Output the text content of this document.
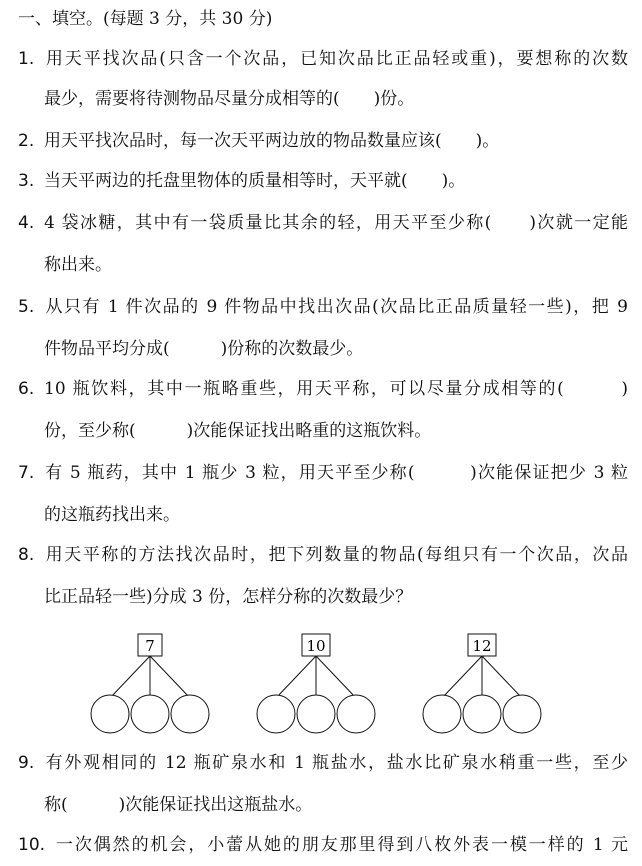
一、填空。(每题 3 分，共 30 分)
1. 用天平找次品(只含一个次品，已知次品比正品轻或重)，要想称的次数
最少，需要将待测物品尽量分成相等的(　　)份。
2. 用天平找次品时，每一次天平两边放的物品数量应该(　　)。
3. 当天平两边的托盘里物体的质量相等时，天平就(　　)。
4. 4 袋冰糖，其中有一袋质量比其余的轻，用天平至少称(　　)次就一定能
称出来。
5. 从只有 1 件次品的 9 件物品中找出次品(次品比正品质量轻一些)，把 9
件物品平均分成(　　　)份称的次数最少。
6. 10 瓶饮料，其中一瓶略重些，用天平称，可以尽量分成相等的(　　　)
份，至少称(　　　)次能保证找出略重的这瓶饮料。
7. 有 5 瓶药，其中 1 瓶少 3 粒，用天平至少称(　　　)次能保证把少 3 粒
的这瓶药找出来。
8. 用天平称的方法找次品时，把下列数量的物品(每组只有一个次品，次品
比正品轻一些)分成 3 份，怎样分称的次数最少？
7	10	12
9. 有外观相同的 12 瓶矿泉水和 1 瓶盐水，盐水比矿泉水稍重一些，至少
称(　　　)次能保证找出这瓶盐水。
10. 一次偶然的机会，小蕾从她的朋友那里得到八枚外表一模一样的 1 元
